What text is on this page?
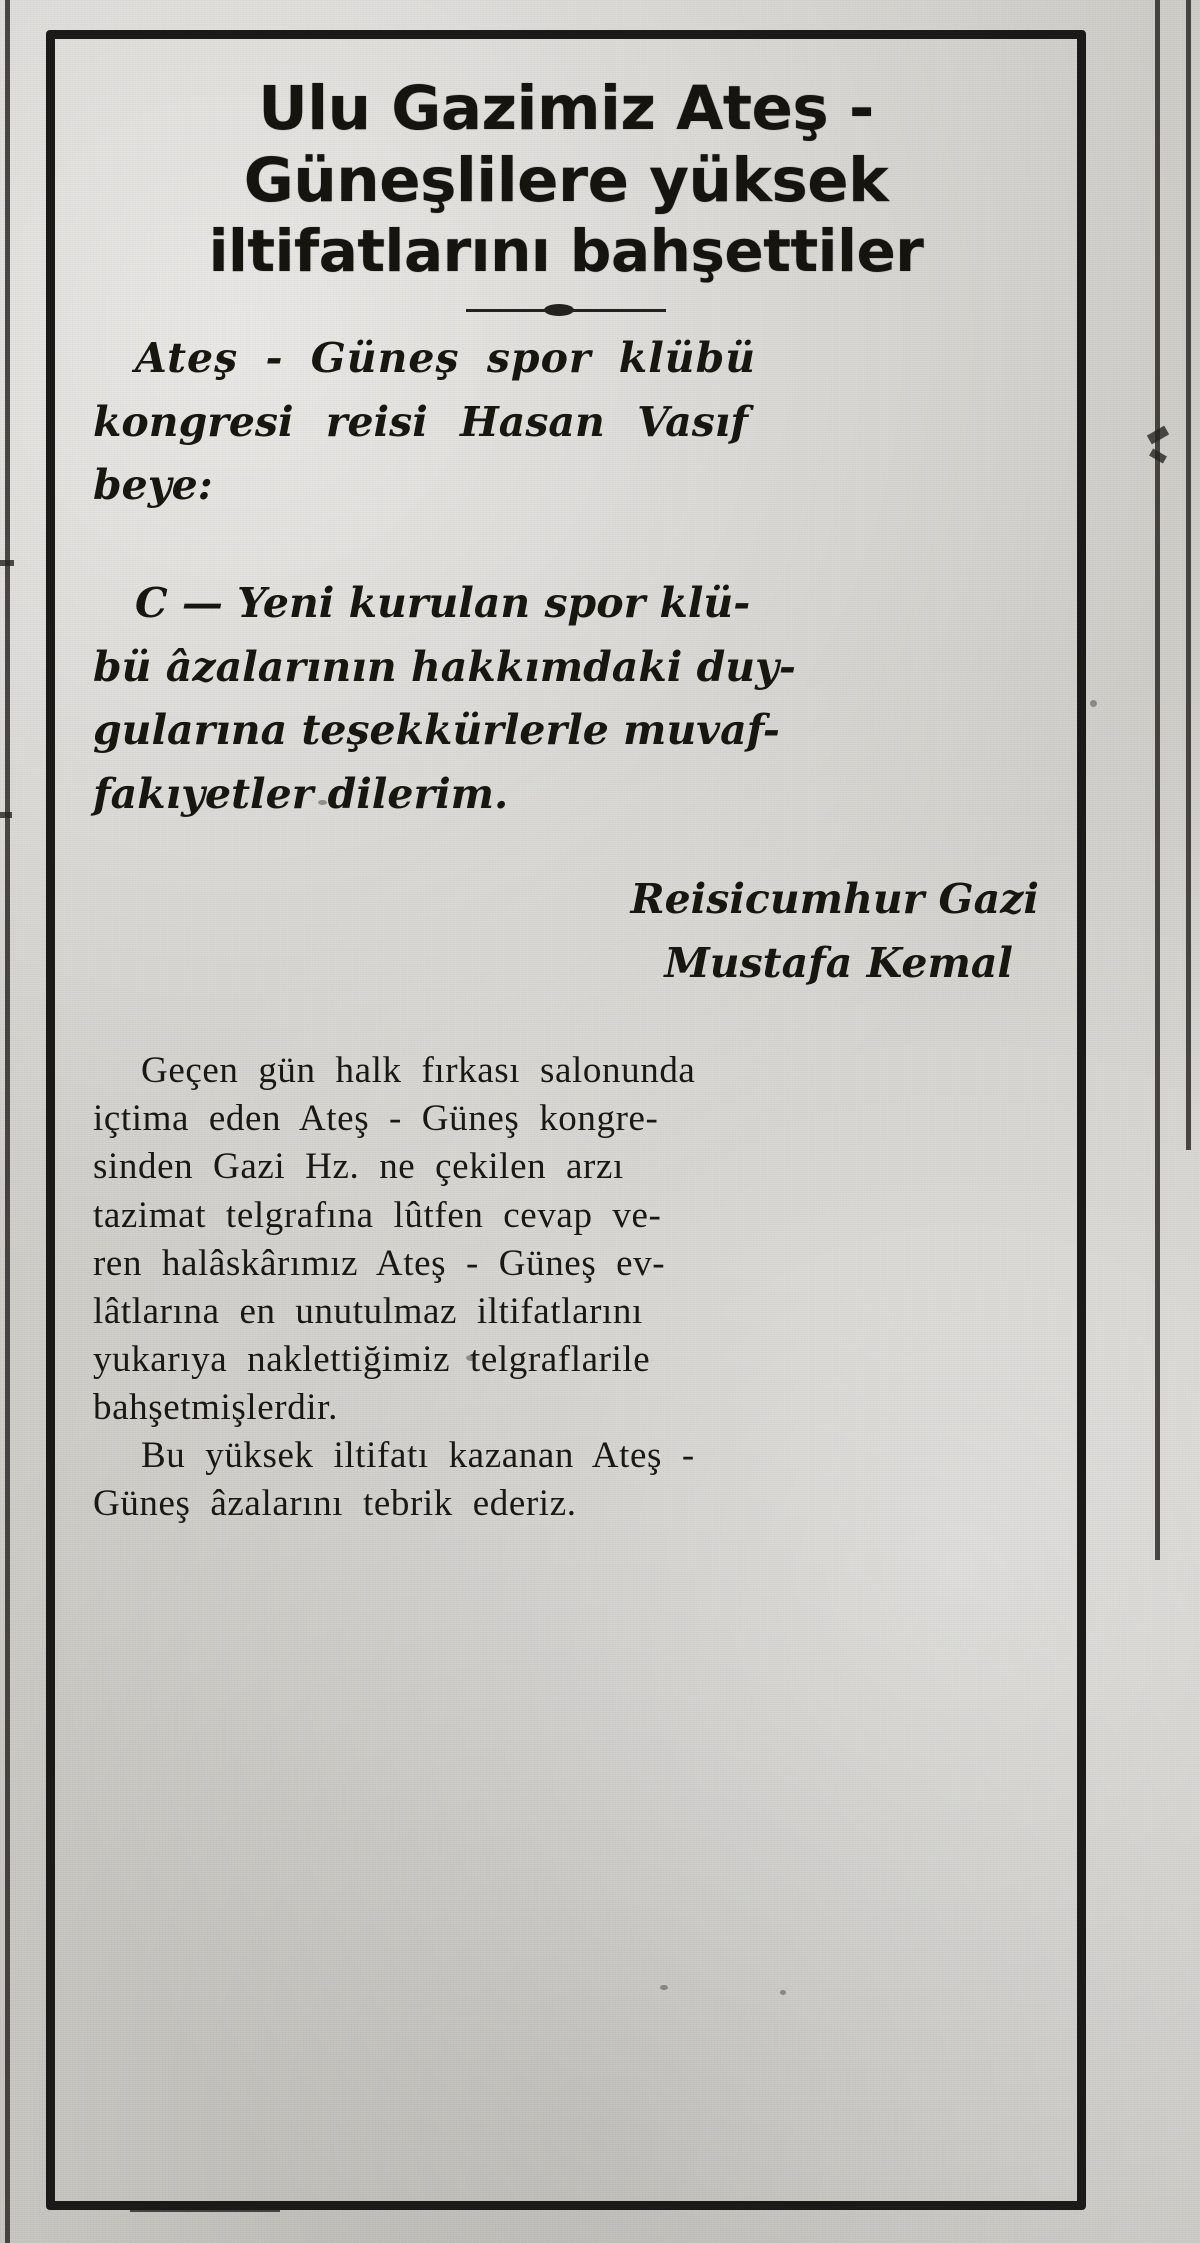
Ulu Gazimiz Ateş -
Güneşlilere yüksek
iltifatlarını bahşettiler
Ateş - Güneş spor klübü
kongresi reisi Hasan Vasıf
beye:
C — Yeni kurulan spor klü-
bü âzalarının hakkımdaki duy-
gularına teşekkürlerle muvaf-
fakıyetler dilerim.
Reisicumhur Gazi
Mustafa Kemal

Geçen gün halk fırkası salonunda
içtima eden Ateş - Güneş kongre-
sinden Gazi Hz. ne çekilen arzı
tazimat telgrafına lûtfen cevap ve-
ren halâskârımız Ateş - Güneş ev-
lâtlarına en unutulmaz iltifatlarını
yukarıya naklettiğimiz telgraflarile
bahşetmişlerdir.

Bu yüksek iltifatı kazanan Ateş -
Güneş âzalarını tebrik ederiz.
